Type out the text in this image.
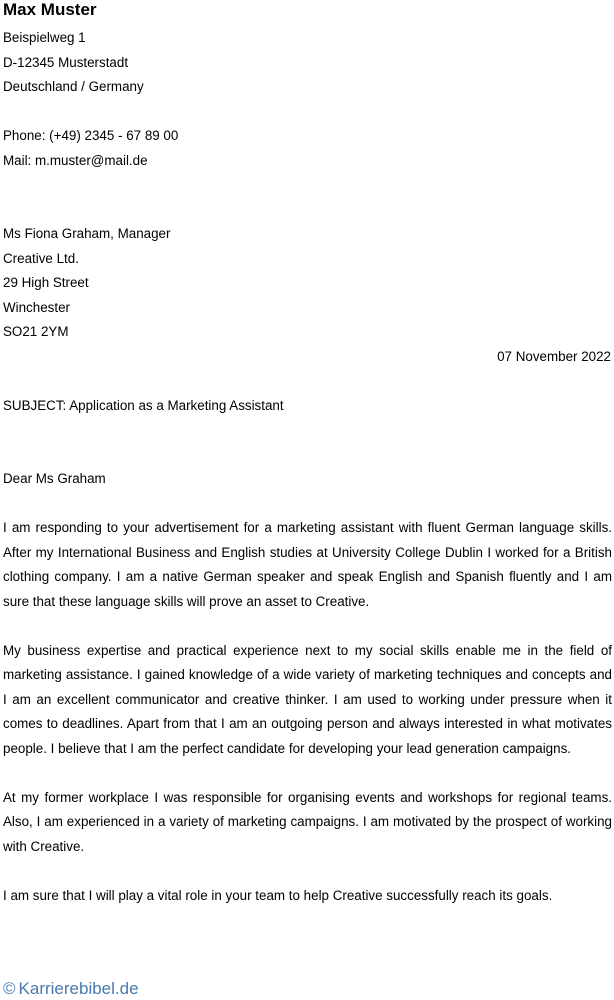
Max Muster

Beispielweg 1

D-12345 Musterstadt

Deutschland / Germany

Phone: (+49) 2345 - 67 89 00

Mail: m.muster@mail.de

Ms Fiona Graham, Manager

Creative Ltd.

29 High Street

Winchester

SO21 2YM

07 November 2022

SUBJECT: Application as a Marketing Assistant

Dear Ms Graham

I am responding to your advertisement for a marketing assistant with fluent German language skills. After my International Business and English studies at University College Dublin I worked for a British clothing company. I am a native German speaker and speak English and Spanish fluently and I am sure that these language skills will prove an asset to Creative.

My business expertise and practical experience next to my social skills enable me in the field of marketing assistance. I gained knowledge of a wide variety of marketing techniques and concepts and I am an excellent communicator and creative thinker. I am used to working under pressure when it comes to deadlines. Apart from that I am an outgoing person and always interested in what motivates people. I believe that I am the perfect candidate for developing your lead generation campaigns.

At my former workplace I was responsible for organising events and workshops for regional teams. Also, I am experienced in a variety of marketing campaigns. I am motivated by the prospect of working with Creative.

I am sure that I will play a vital role in your team to help Creative successfully reach its goals.

© Karrierebibel.de
